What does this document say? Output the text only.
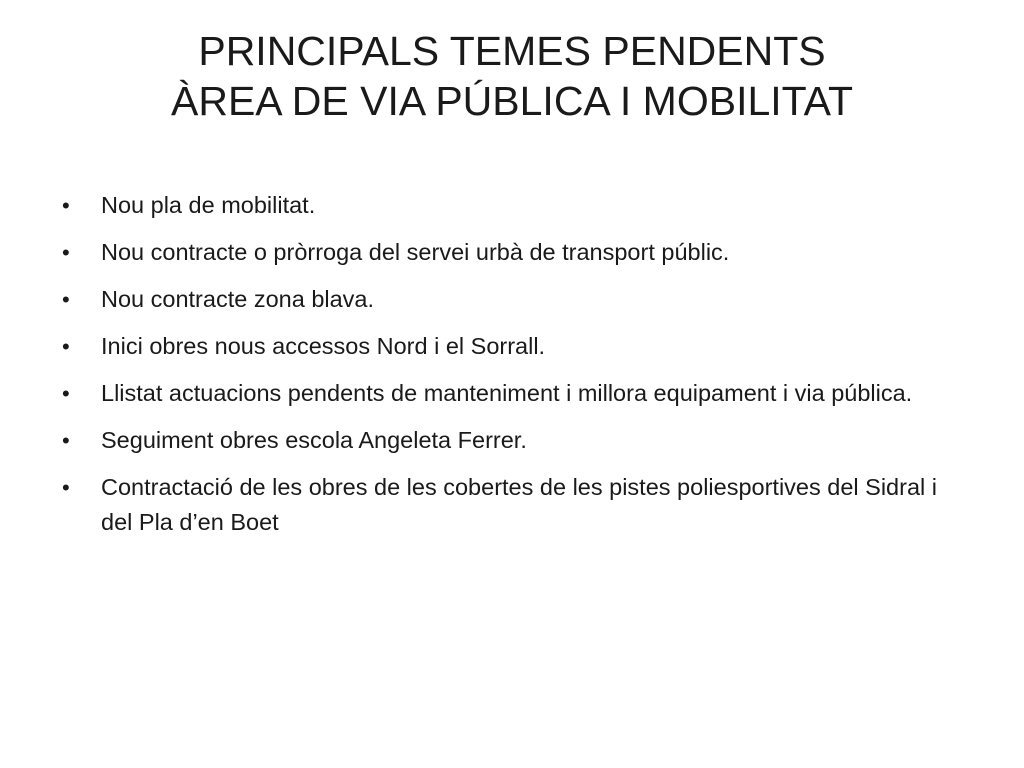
PRINCIPALS TEMES PENDENTS
ÀREA DE VIA PÚBLICA I MOBILITAT
•	Nou pla de mobilitat.
•	Nou contracte o pròrroga del servei urbà de transport públic.
•	Nou contracte zona blava.
•	Inici obres nous accessos Nord i el Sorrall.
•	Llistat actuacions pendents de manteniment i millora equipament i via pública.
•	Seguiment obres escola Angeleta Ferrer.
•	Contractació de les obres de les cobertes de les pistes poliesportives del Sidral i del Pla d’en Boet
